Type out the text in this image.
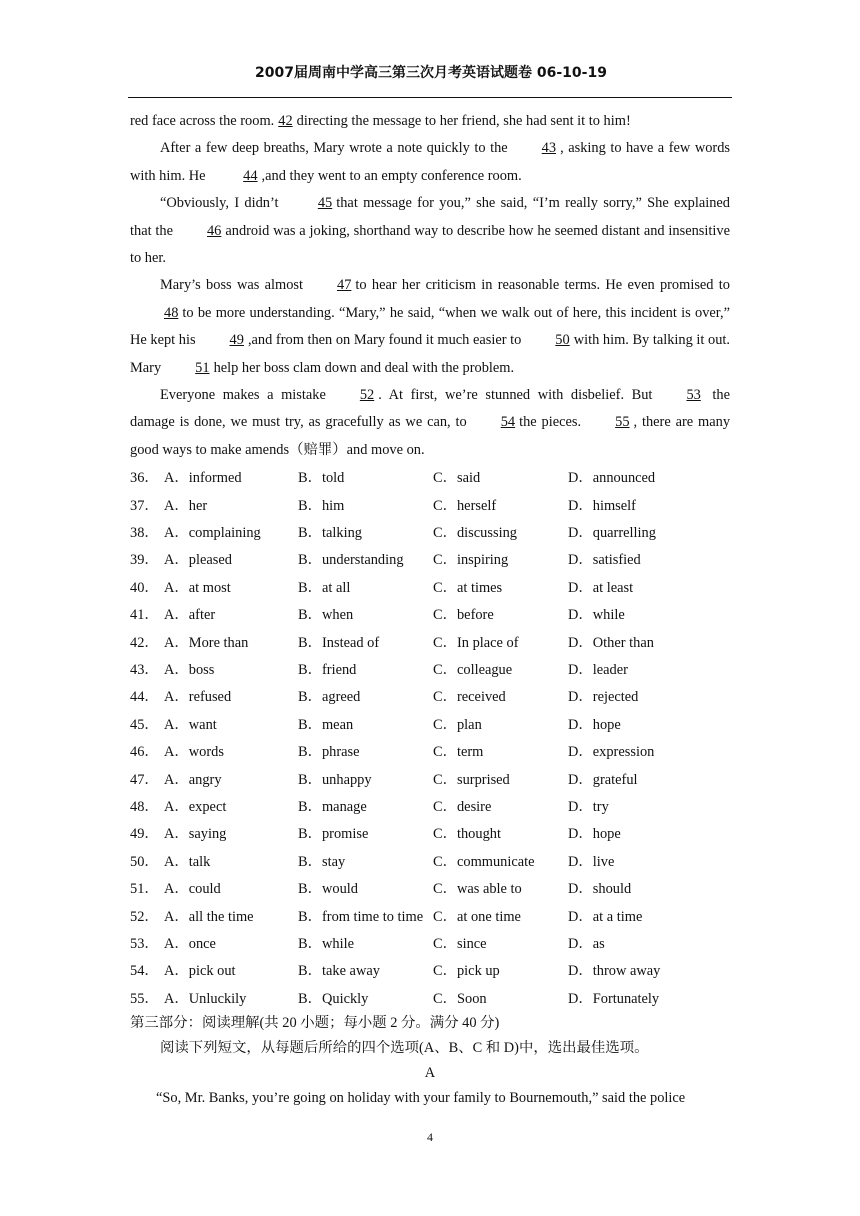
2007届周南中学高三第三次月考英语试题卷 06-10-19

red face across the room. 42 directing the message to her friend, she had sent it to him!

After a few deep breaths, Mary wrote a note quickly to the 43 , asking to have a few words with him. He 44 ,and they went to an empty conference room.

“Obviously, I didn’t 45 that message for you,” she said, “I’m really sorry,” She explained that the 46 android was a joking, shorthand way to describe how he seemed distant and insensitive to her.

Mary’s boss was almost 47 to hear her criticism in reasonable terms. He even promised to 48 to be more understanding. “Mary,” he said, “when we walk out of here, this incident is over,” He kept his 49 ,and from then on Mary found it much easier to 50 with him. By talking it out. Mary 51 help her boss clam down and deal with the problem.

Everyone makes a mistake 52 . At first, we’re stunned with disbelief. But 53 the damage is done, we must try, as gracefully as we can, to 54 the pieces. 55 , there are many good ways to make amends（赔罪）and move on.

36． A．informed	B．told	C．said	D．announced
37． A．her	B．him	C．herself	D．himself
38． A．complaining	B．talking	C．discussing	D．quarrelling
39． A．pleased	B．understanding C．inspiring	D．satisfied
40． A．at most	B．at all	C．at times	D．at least
41． A．after	B．when	C．before	D．while
42． A．More than	B．Instead of	C．In place of	D．Other than
43． A．boss	B．friend	C．colleague	D．leader
44． A．refused	B．agreed	C．received	D．rejected
45． A．want	B．mean	C．plan	D．hope
46． A．words	B．phrase	C．term	D．expression
47． A．angry	B．unhappy	C．surprised	D．grateful
48． A．expect	B．manage	C．desire	D．try
49． A．saying	B．promise	C．thought	D．hope
50． A．talk	B．stay	C．communicate D．live
51． A．could	B．would	C．was able to	D．should
52． A．all the time	B．from time to time C．at one time	D．at a time
53． A．once	B．while	C．since	D．as
54． A．pick out	B．take away	C．pick up	D．throw away
55． A．Unluckily	B．Quickly	C．Soon	D．Fortunately
第三部分：阅读理解(共 20 小题；每小题 2 分。满分 40 分)
阅读下列短文，从每题后所给的四个选项(A、B、C 和 D)中，选出最佳选项。
A
“So, Mr. Banks, you’re going on holiday with your family to Bournemouth,” said the police
4
